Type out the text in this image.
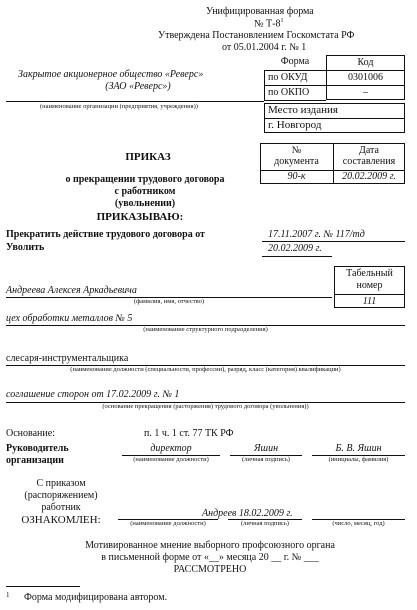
Унифицированная форма
№ $Т-8^1$
Утверждена Постановлением Госкомстата РФ
от 05.01.2004 г. № 1
Форма	Код
по ОКУД	0301006
по ОКПО	–
Закрытое акционерное общество «Реверс»
(ЗАО «Реверс»)
(наименование организации (предприятия, учреждения))	Место издания
г. Новгород
ПРИКАЗ
о прекращении трудового договора
с работником
(увольнении)
№
документа
Дата
составления
90-к	20.02.2009 г.
ПРИКАЗЫВАЮ:
Прекратить действие трудового договора от	17.11.2007 г. № 117/тд
Уволить	20.02.2009 г.
Табельный
номер
111
Андреева Алексея Аркадьевича
(фамилия, имя, отчество)
цех обработки металлов № 5
(наименование структурного подразделения)
слесаря-инструментальщика
(наименование должности (специальности, профессии), разряд, класс (категория) квалификации)
соглашение сторон от 17.02.2009 г. № 1
(основание прекращения (расторжения) трудового договора (увольнения))
Основание:	п. 1 ч. 1 ст. 77 ТК РФ
Руководитель
организации
директор	Яшин	Б. В. Яшин
(наименование должности)	(личная подпись)	(инициалы, фамилия)
С приказом
(распоряжением)
работник
ОЗНАКОМЛЕН:
Андреев 18.02.2009 г.
(наименование должности)	(личная подпись)	(число, месяц, год)
Мотивированное мнение выборного профсоюзного органа
в письменной форме от «__» месяца 20 __ г. № ___
РАССМОТРЕНО
1 Форма модифицирована автором.
